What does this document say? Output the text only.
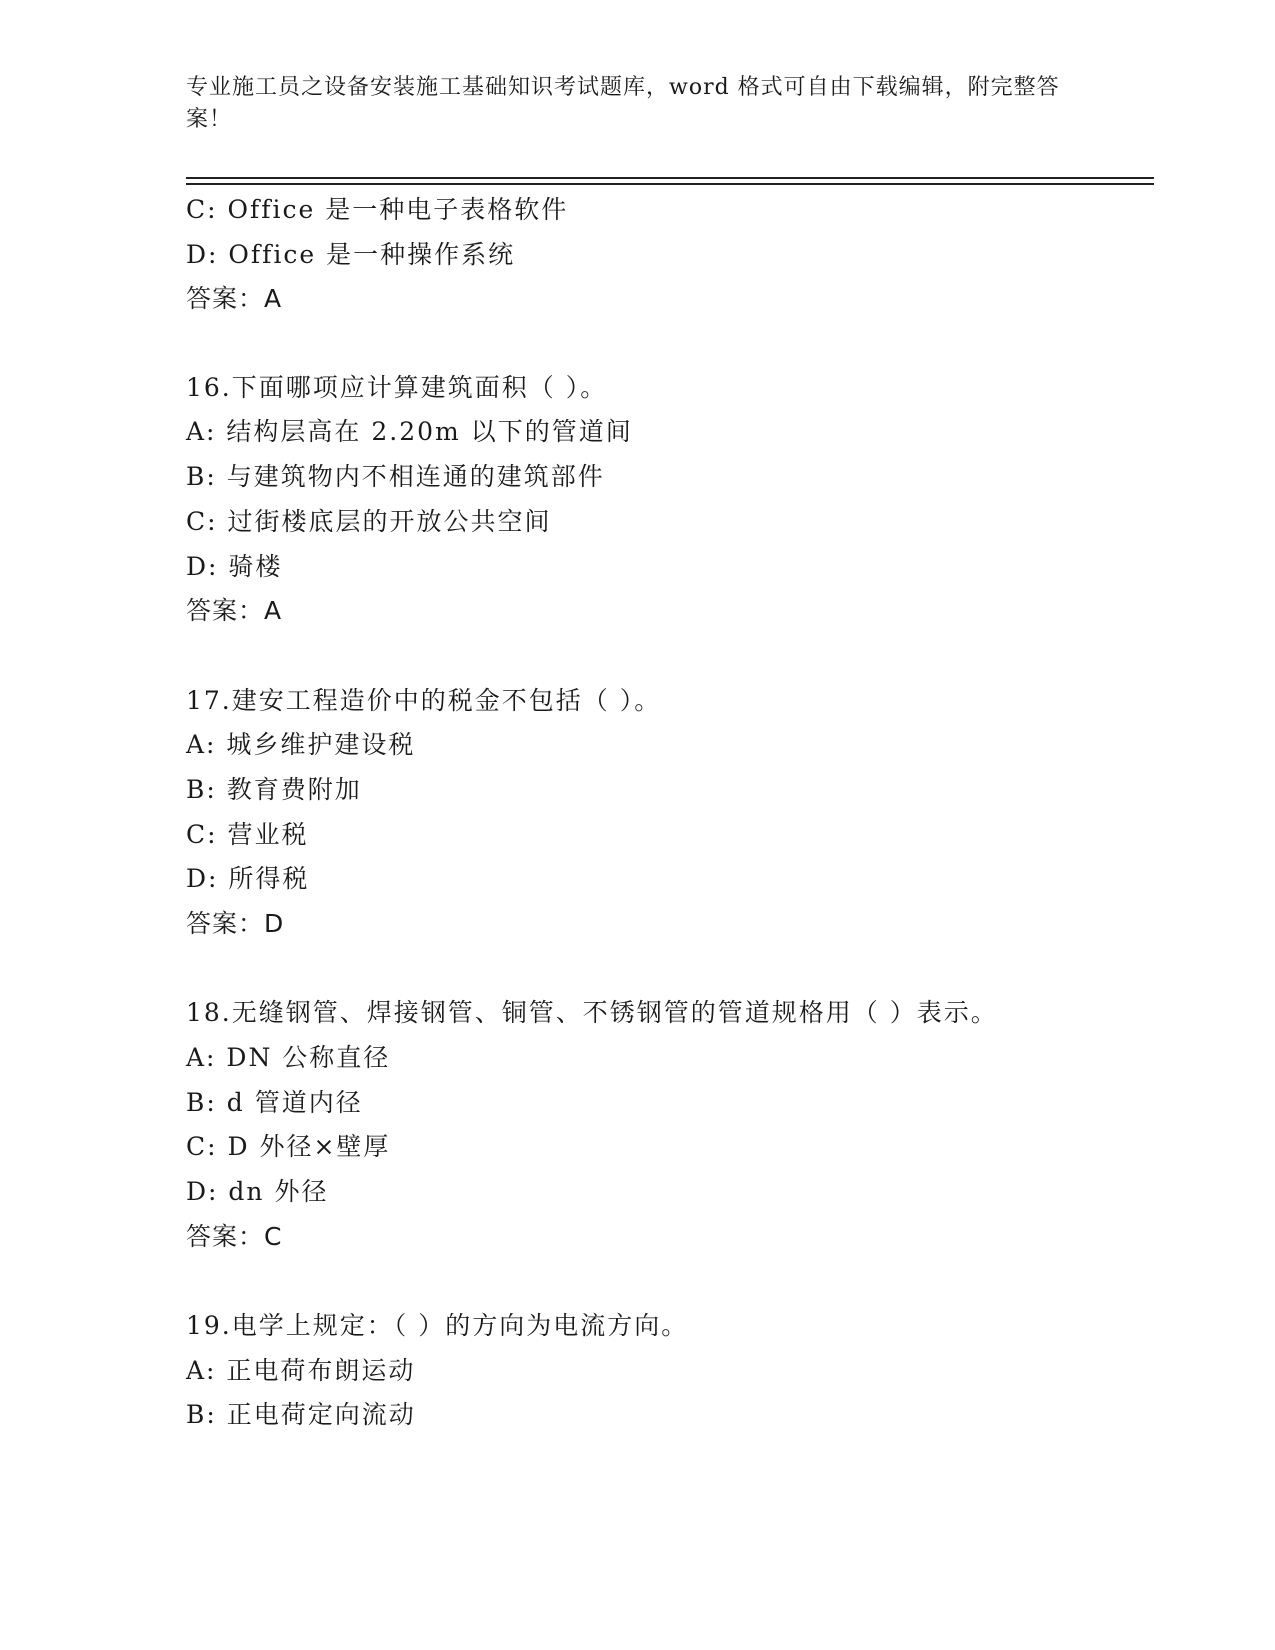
专业施工员之设备安装施工基础知识考试题库，word 格式可自由下载编辑，附完整答案！
C: Office 是一种电子表格软件
D: Office 是一种操作系统
答案：A
16.下面哪项应计算建筑面积（ ）。
A: 结构层高在 2.20m 以下的管道间
B: 与建筑物内不相连通的建筑部件
C: 过街楼底层的开放公共空间
D: 骑楼
答案：A
17.建安工程造价中的税金不包括（ ）。
A: 城乡维护建设税
B: 教育费附加
C: 营业税
D: 所得税
答案：D
18.无缝钢管、焊接钢管、铜管、不锈钢管的管道规格用（ ）表示。
A: DN 公称直径
B: d 管道内径
C: D 外径×壁厚
D: dn 外径
答案：C
19.电学上规定：（ ）的方向为电流方向。
A: 正电荷布朗运动
B: 正电荷定向流动
